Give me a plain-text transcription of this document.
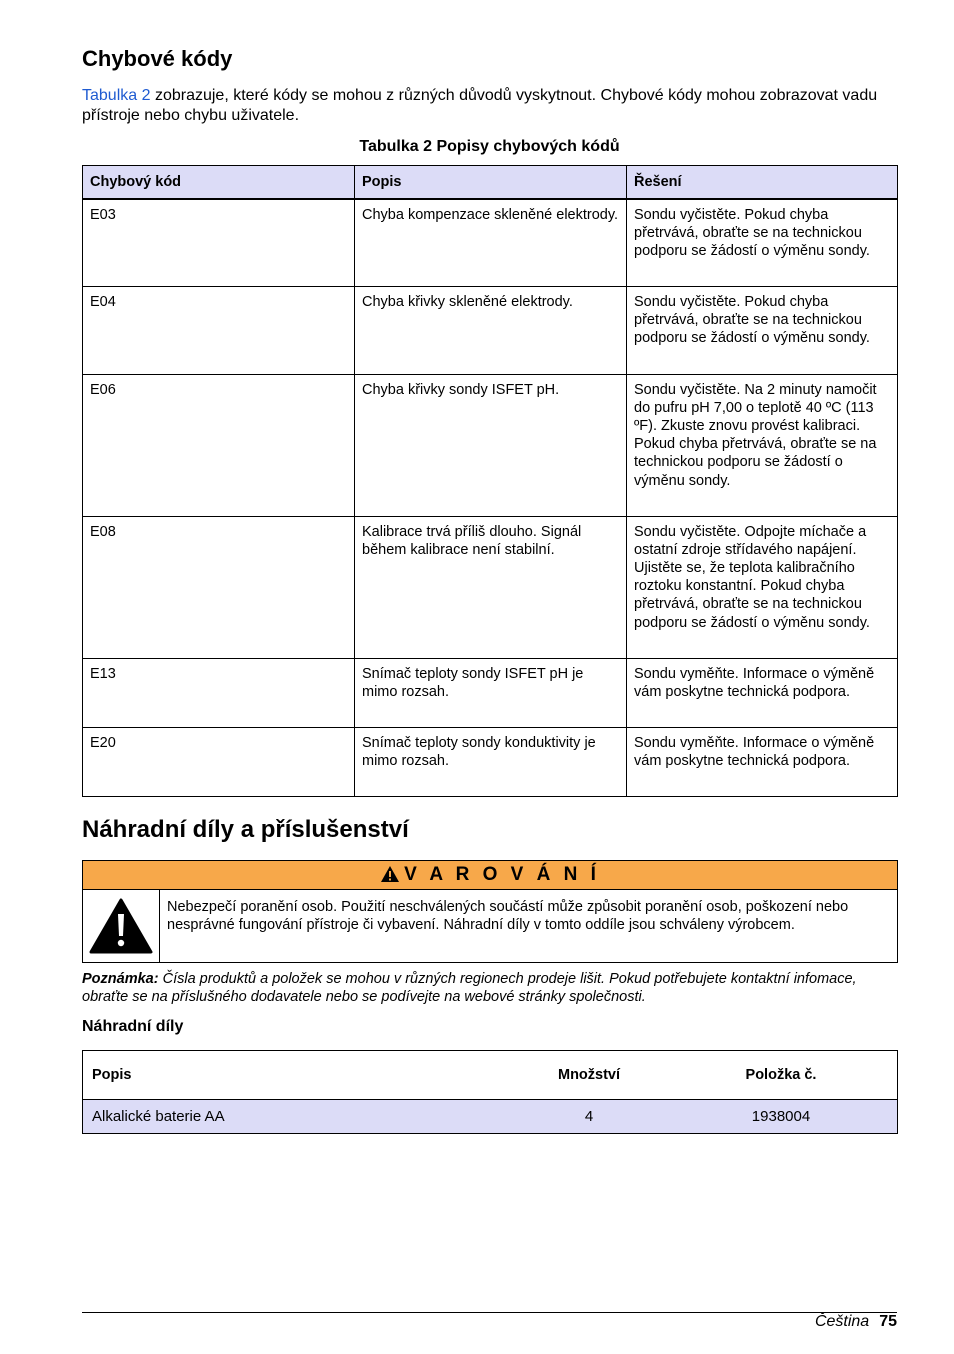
Chybové kódy

Tabulka 2 zobrazuje, které kódy se mohou z různých důvodů vyskytnout. Chybové kódy mohou zobrazovat vadu přístroje nebo chybu uživatele.

Tabulka 2 Popisy chybových kódů
Chybový kód	Popis	Řešení
E03	Chyba kompenzace skleněné elektrody.	Sondu vyčistěte. Pokud chyba přetrvává, obraťte se na technickou podporu se žádostí o výměnu sondy.
E04	Chyba křivky skleněné elektrody.	Sondu vyčistěte. Pokud chyba přetrvává, obraťte se na technickou podporu se žádostí o výměnu sondy.
E06	Chyba křivky sondy ISFET pH.	Sondu vyčistěte. Na 2 minuty namočit do pufru pH 7,00 o teplotě 40 ºC (113 ºF). Zkuste znovu provést kalibraci. Pokud chyba přetrvává, obraťte se na technickou podporu se žádostí o výměnu sondy.
E08	Kalibrace trvá příliš dlouho. Signál během kalibrace není stabilní.	Sondu vyčistěte. Odpojte míchače a ostatní zdroje střídavého napájení. Ujistěte se, že teplota kalibračního roztoku konstantní. Pokud chyba přetrvává, obraťte se na technickou podporu se žádostí o výměnu sondy.
E13	Snímač teploty sondy ISFET pH je mimo rozsah.	Sondu vyměňte. Informace o výměně vám poskytne technická podpora.
E20	Snímač teploty sondy konduktivity je mimo rozsah.	Sondu vyměňte. Informace o výměně vám poskytne technická podpora.
Náhradní díly a příslušenství
V A R O V Á N Í
Nebezpečí poranění osob. Použití neschválených součástí může způsobit poranění osob, poškození nebo nesprávné fungování přístroje či vybavení. Náhradní díly v tomto oddíle jsou schváleny výrobcem.

Poznámka: Čísla produktů a položek se mohou v různých regionech prodeje lišit. Pokud potřebujete kontaktní infomace, obraťte se na příslušného dodavatele nebo se podívejte na webové stránky společnosti.

Náhradní díly
Popis	Množství	Položka č.
Alkalické baterie AA	4	1938004
Čeština 75
